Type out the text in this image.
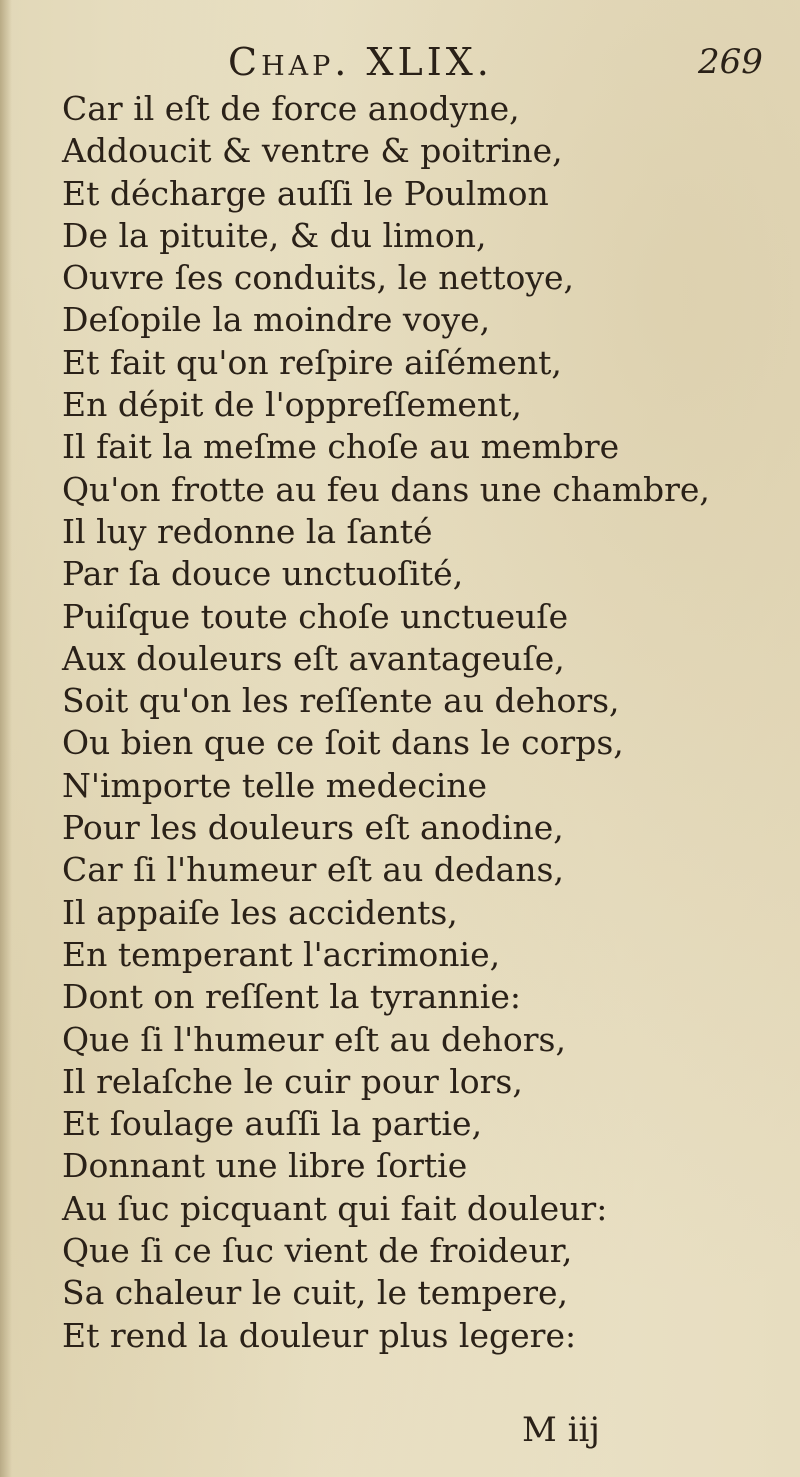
Chap. XLIX.	269
Car il eſt de force anodyne,
Addoucit & ventre & poitrine,
Et décharge auſſi le Poulmon
De la pituite, & du limon,
Ouvre ſes conduits, le nettoye,
Deſopile la moindre voye,
Et fait qu'on reſpire aiſément,
En dépit de l'oppreſſement,
Il fait la meſme choſe au membre
Qu'on frotte au feu dans une chambre,
Il luy redonne la ſanté
Par ſa douce unctuoſité,
Puiſque toute choſe unctueuſe
Aux douleurs eſt avantageuſe,
Soit qu'on les reſſente au dehors,
Ou bien que ce ſoit dans le corps,
N'importe telle medecine
Pour les douleurs eſt anodine,
Car ſi l'humeur eſt au dedans,
Il appaiſe les accidents,
En temperant l'acrimonie,
Dont on reſſent la tyrannie:
Que ſi l'humeur eſt au dehors,
Il relaſche le cuir pour lors,
Et ſoulage auſſi la partie,
Donnant une libre ſortie
Au ſuc picquant qui fait douleur:
Que ſi ce ſuc vient de froideur,
Sa chaleur le cuit, le tempere,
Et rend la douleur plus legere:
M iij
